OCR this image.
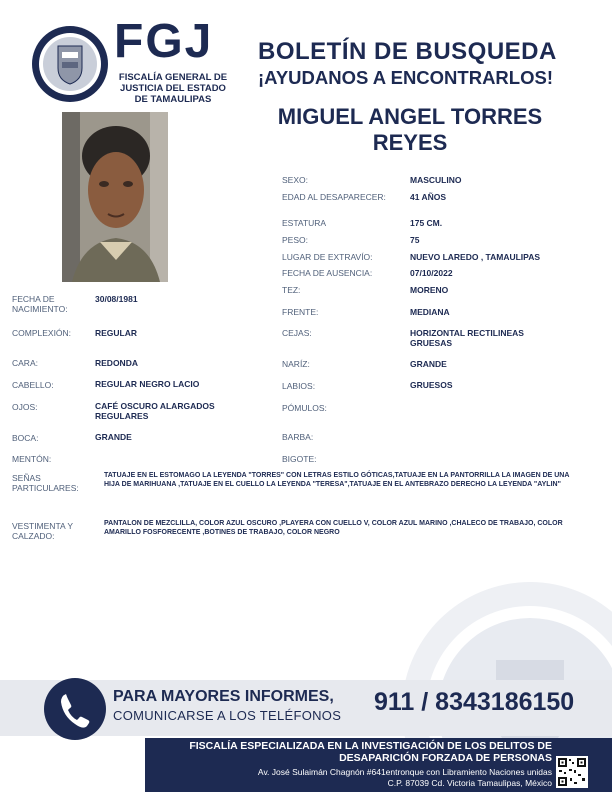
FGJ
FISCALÍA GENERAL DE JUSTICIA DEL ESTADO DE TAMAULIPAS
BOLETÍN DE BUSQUEDA
¡AYUDANOS A ENCONTRARLOS!
MIGUEL ANGEL TORRES REYES
SEXO:	MASCULINO
EDAD AL DESAPARECER:	41 AÑOS
ESTATURA	175 CM.
PESO:	75
LUGAR DE EXTRAVÍO:	NUEVO LAREDO , TAMAULIPAS
FECHA DE AUSENCIA:	07/10/2022
TEZ:	MORENO
FECHA DE NACIMIENTO:
30/08/1981
FRENTE:	MEDIANA
COMPLEXIÓN:	REGULAR	CEJAS:	HORIZONTAL RECTILINEAS GRUESAS
CARA:	REDONDA	NARÍZ:	GRANDE
CABELLO:	REGULAR NEGRO LACIO	LABIOS:	GRUESOS
OJOS:	CAFÉ OSCURO ALARGADOS REGULARES
PÓMULOS:
BOCA:	GRANDE	BARBA:
MENTÓN:	BIGOTE:
SEÑAS PARTICULARES:
TATUAJE EN EL ESTOMAGO LA LEYENDA "TORRES" CON LETRAS ESTILO GÓTICAS,TATUAJE EN LA PANTORRILLA LA IMAGEN DE UNA HIJA DE MARIHUANA ,TATUAJE EN EL CUELLO LA LEYENDA "TERESA",TATUAJE EN EL ANTEBRAZO DERECHO LA LEYENDA "AYLIN"
VESTIMENTA Y CALZADO:
PANTALON DE MEZCLILLA, COLOR AZUL OSCURO ,PLAYERA CON CUELLO V, COLOR AZUL MARINO ,CHALECO DE TRABAJO, COLOR AMARILLO FOSFORECENTE ,BOTINES DE TRABAJO, COLOR NEGRO
PARA MAYORES INFORMES,
COMUNICARSE A LOS TELÉFONOS 911 / 8343186150
FISCALÍA ESPECIALIZADA EN LA INVESTIGACIÓN DE LOS DELITOS DE
DESAPARICIÓN FORZADA DE PERSONAS
Av. José Sulaimán Chagnón #641entronque con Libramiento Naciones unidas
C.P. 87039 Cd. Victoria Tamaulipas, México
